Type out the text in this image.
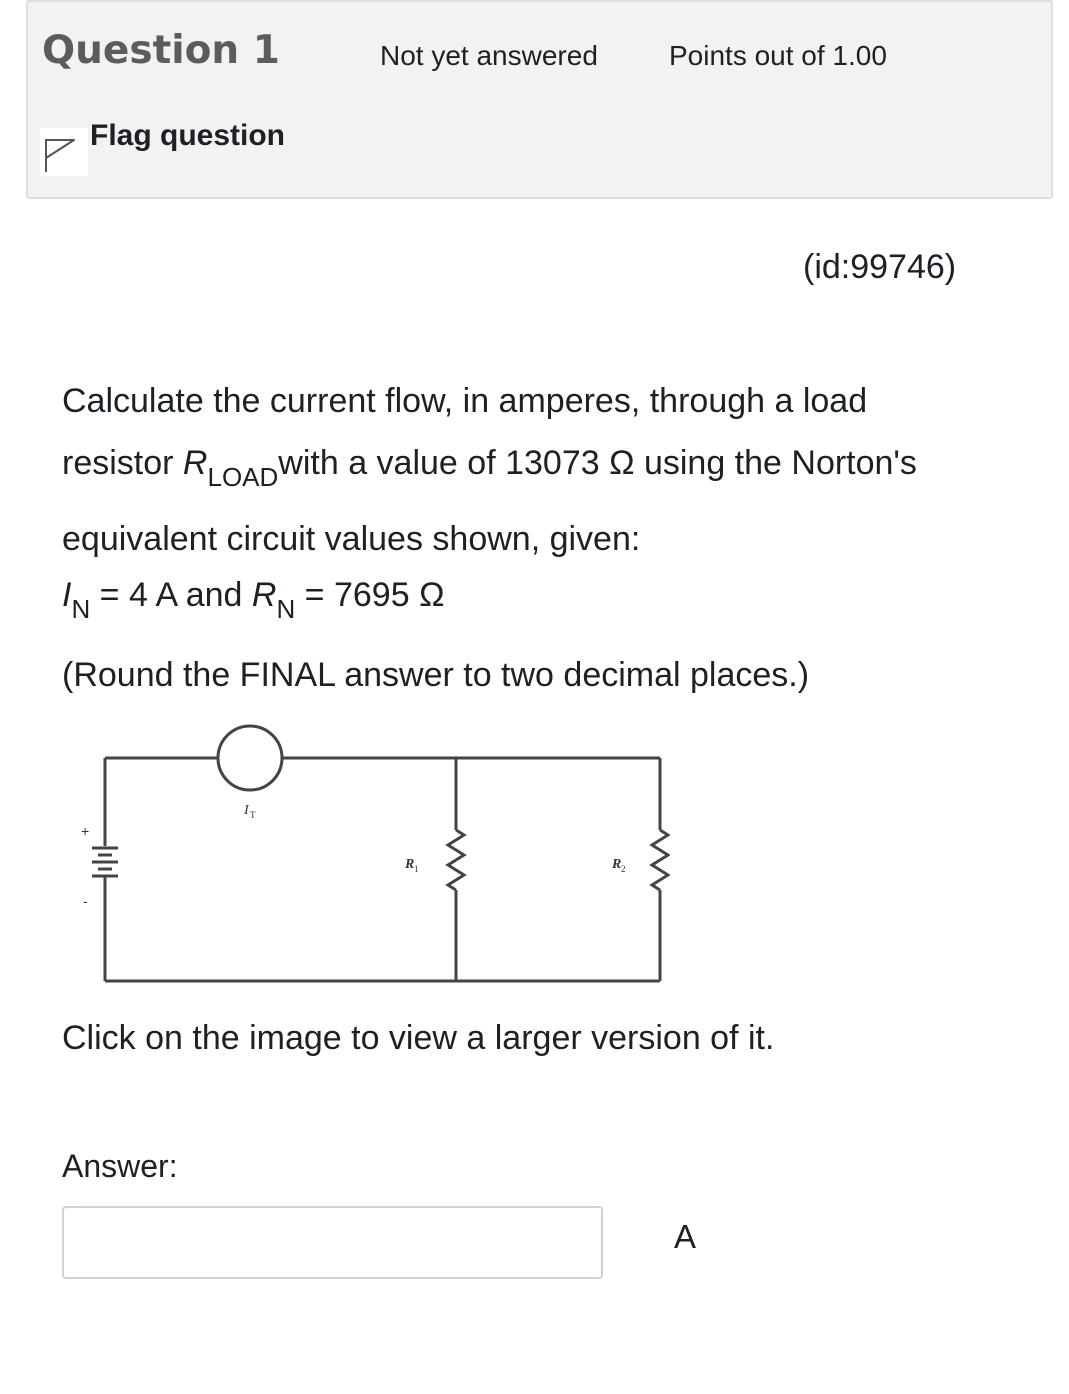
Question 1	Not yet answered	Points out of 1.00
Flag question
(id:99746)

Calculate the current flow, in amperes, through a load

resistor $R_{LOAD}with$ a value of 13073 Ω using the Norton's

equivalent circuit values shown, given:

$I_N = 4$ A and $R_N = 7695$ Ω
(Round the FINAL answer to two decimal places.)
I T
+
-
R 1	R 2
Click on the image to view a larger version of it.
Answer:
A
